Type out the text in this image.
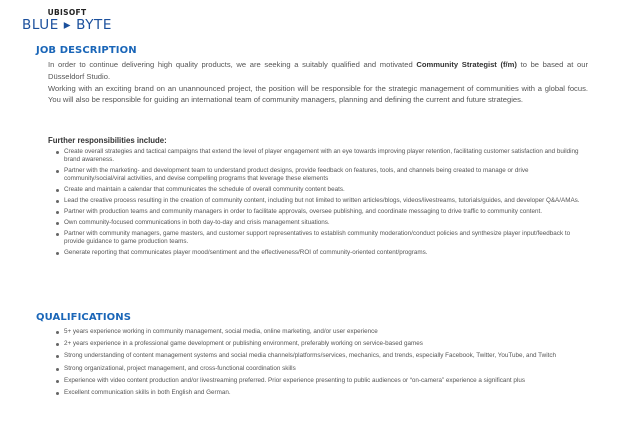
UBISOFT
BLUE ▸ BYTE
JOB DESCRIPTION

In order to continue delivering high quality products, we are seeking a suitably qualified and motivated Community Strategist (f/m) to be based at our Düsseldorf Studio.

Working with an exciting brand on an unannounced project, the position will be responsible for the strategic management of communities with a global focus. You will also be responsible for guiding an international team of community managers, planning and defining the current and future strategies.

Further responsibilities include:
Create overall strategies and tactical campaigns that extend the level of player engagement with an eye towards improving player retention, facilitating customer satisfaction and building brand awareness.
Partner with the marketing- and development team to understand product designs, provide feedback on features, tools, and channels being created to manage or drive community/social/viral activities, and devise compelling programs that leverage these elements
Create and maintain a calendar that communicates the schedule of overall community content beats.
Lead the creative process resulting in the creation of community content, including but not limited to written articles/blogs, videos/livestreams, tutorials/guides, and developer Q&A/AMAs.
Partner with production teams and community managers in order to facilitate approvals, oversee publishing, and coordinate messaging to drive traffic to community content.
Own community-focused communications in both day-to-day and crisis management situations.
Partner with community managers, game masters, and customer support representatives to establish community moderation/conduct policies and synthesize player input/feedback to provide guidance to game production teams.
Generate reporting that communicates player mood/sentiment and the effectiveness/ROI of community-oriented content/programs.
QUALIFICATIONS
5+ years experience working in community management, social media, online marketing, and/or user experience
2+ years experience in a professional game development or publishing environment, preferably working on service-based games
Strong understanding of content management systems and social media channels/platforms/services, mechanics, and trends, especially Facebook, Twitter, YouTube, and Twitch
Strong organizational, project management, and cross-functional coordination skills
Experience with video content production and/or livestreaming preferred. Prior experience presenting to public audiences or “on-camera” experience a significant plus
Excellent communication skills in both English and German.
